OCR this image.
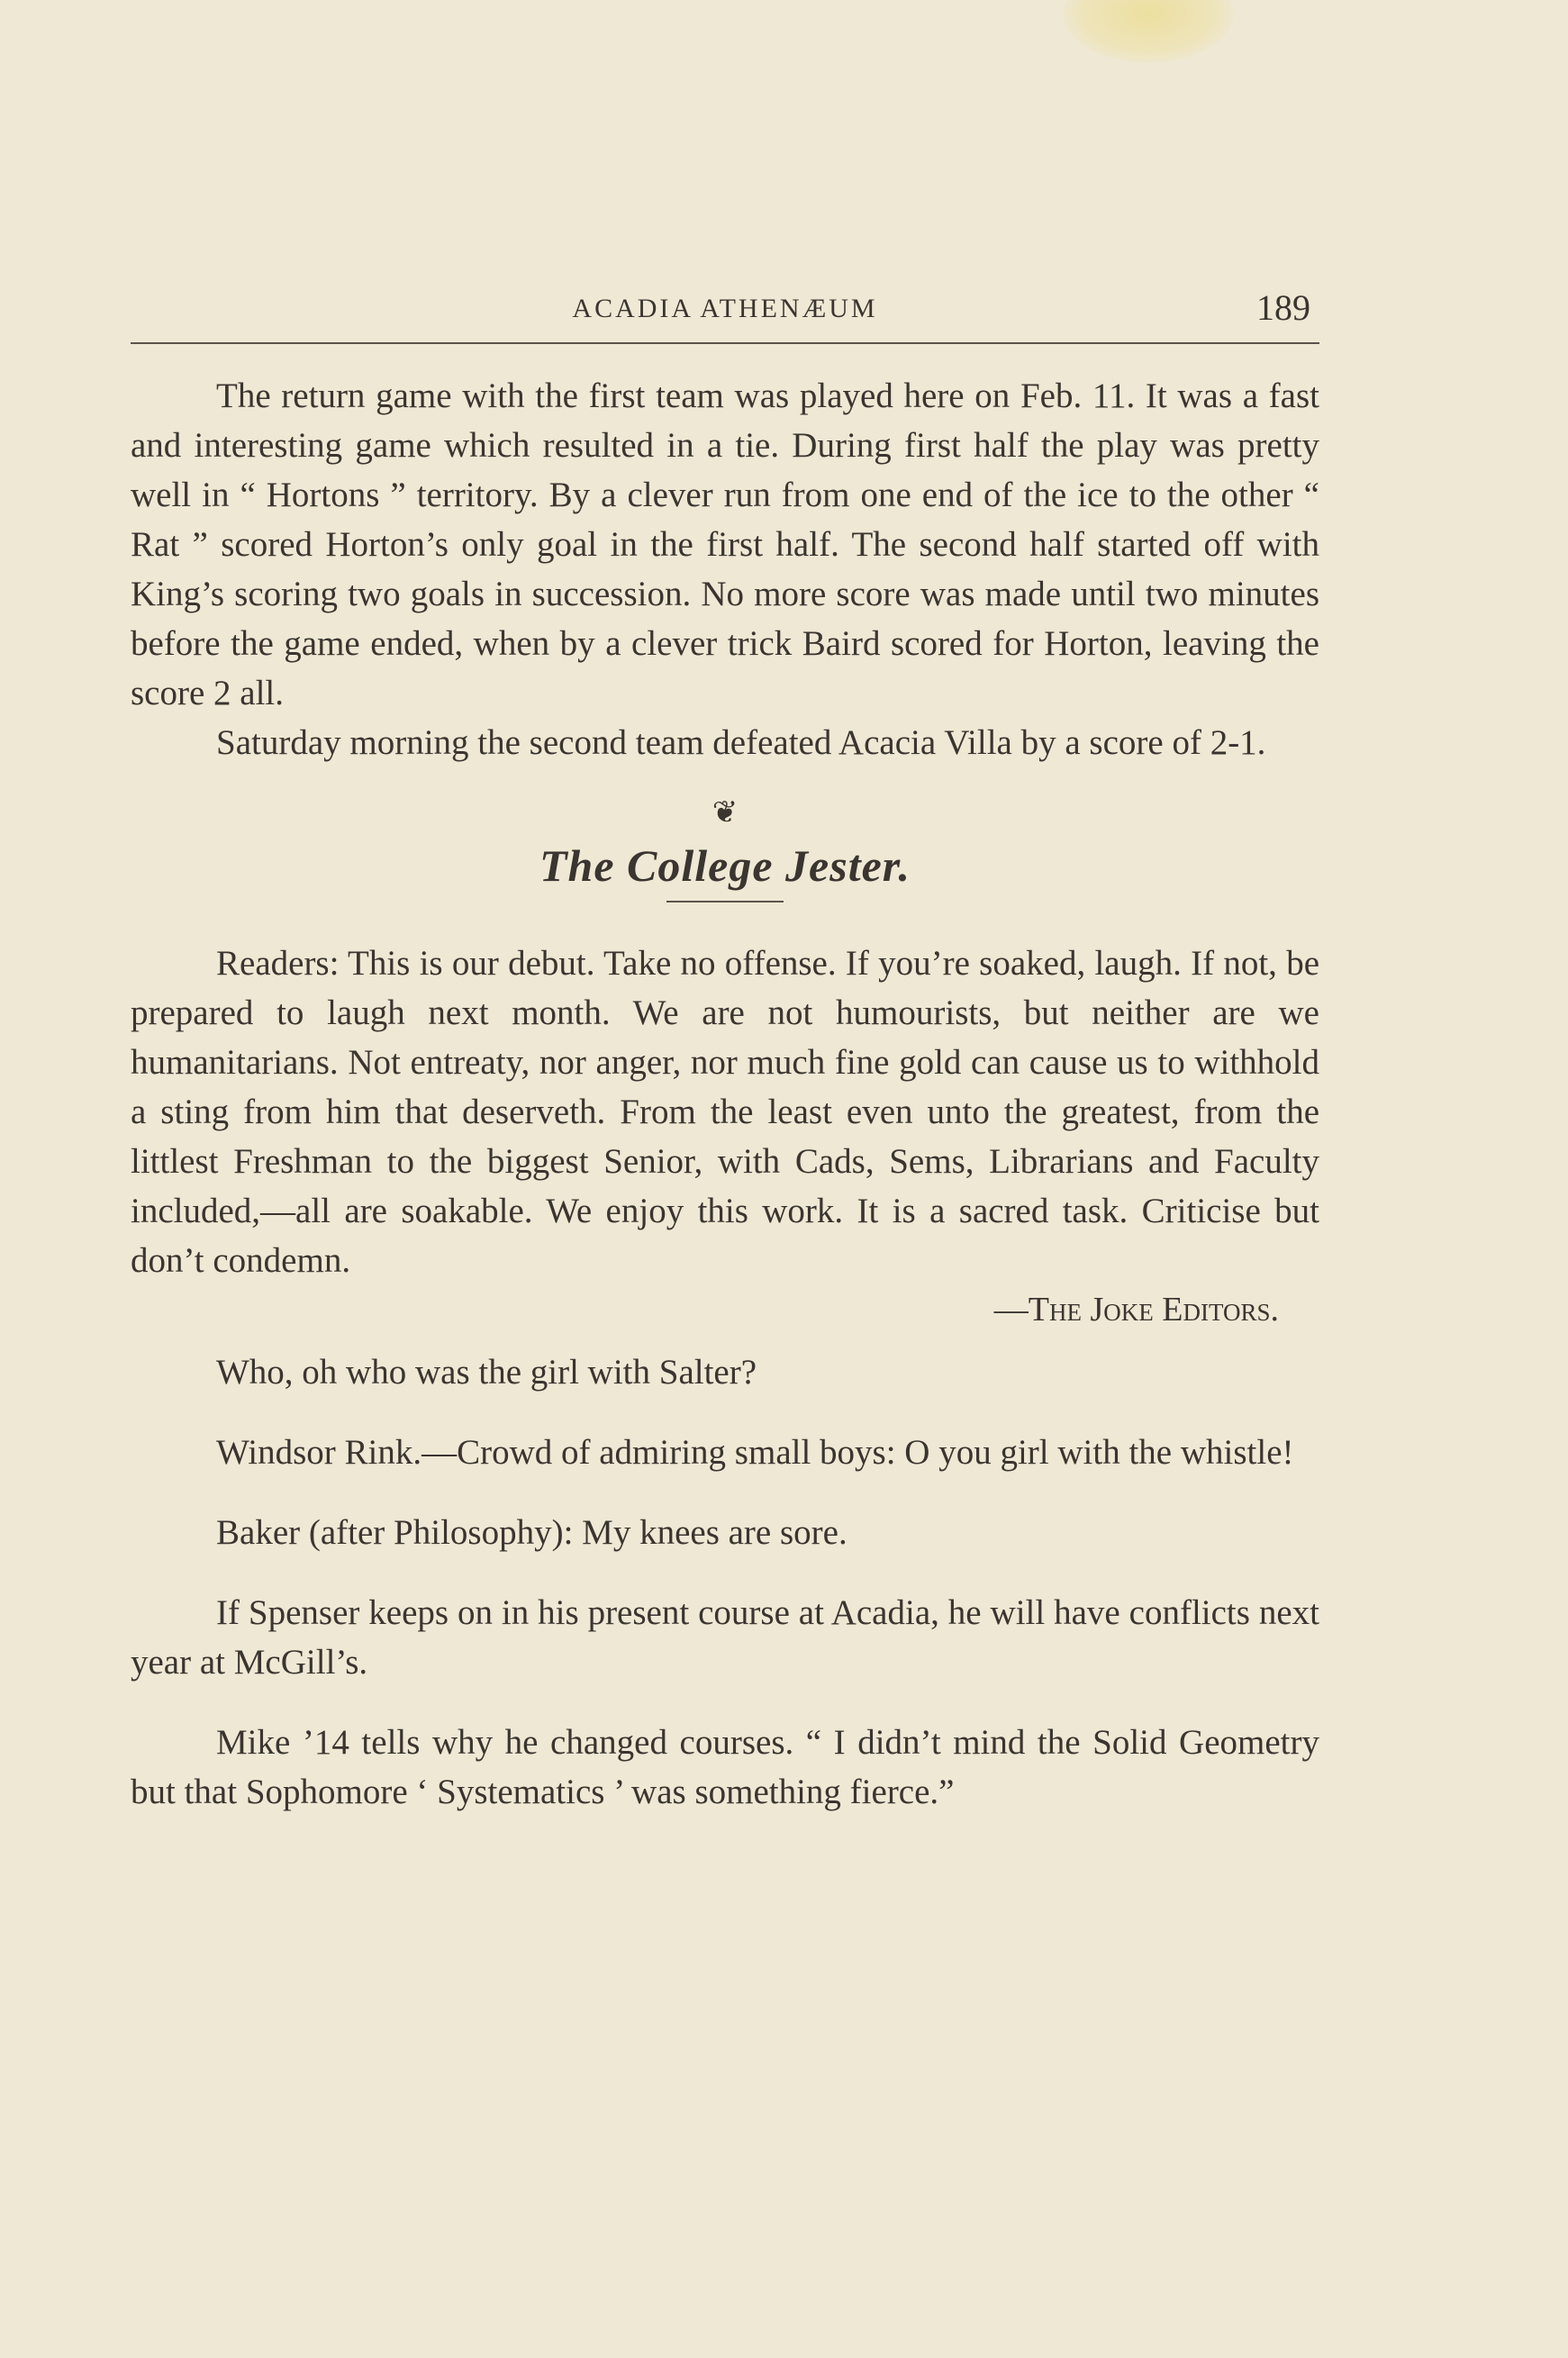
ACADIA ATHENÆUM	189

The return game with the first team was played here on Feb. 11. It was a fast and interesting game which resulted in a tie. During first half the play was pretty well in “ Hortons ” territory. By a clever run from one end of the ice to the other “ Rat ” scored Horton’s only goal in the first half. The second half started off with King’s scoring two goals in succession. No more score was made until two minutes before the game ended, when by a clever trick Baird scored for Horton, leaving the score 2 all.

Saturday morning the second team defeated Acacia Villa by a score of 2-1.

❦
The College Jester.

Readers: This is our debut. Take no offense. If you’re soaked, laugh. If not, be prepared to laugh next month. We are not humourists, but neither are we humanitarians. Not entreaty, nor anger, nor much fine gold can cause us to withhold a sting from him that deserveth. From the least even unto the greatest, from the littlest Freshman to the biggest Senior, with Cads, Sems, Librarians and Faculty included,—all are soakable. We enjoy this work. It is a sacred task. Criticise but don’t condemn.

—The Joke Editors.

Who, oh who was the girl with Salter?

Windsor Rink.—Crowd of admiring small boys: O you girl with the whistle!

Baker (after Philosophy): My knees are sore.

If Spenser keeps on in his present course at Acadia, he will have conflicts next year at McGill’s.

Mike ’14 tells why he changed courses. “ I didn’t mind the Solid Geometry but that Sophomore ‘ Systematics ’ was something fierce.”
